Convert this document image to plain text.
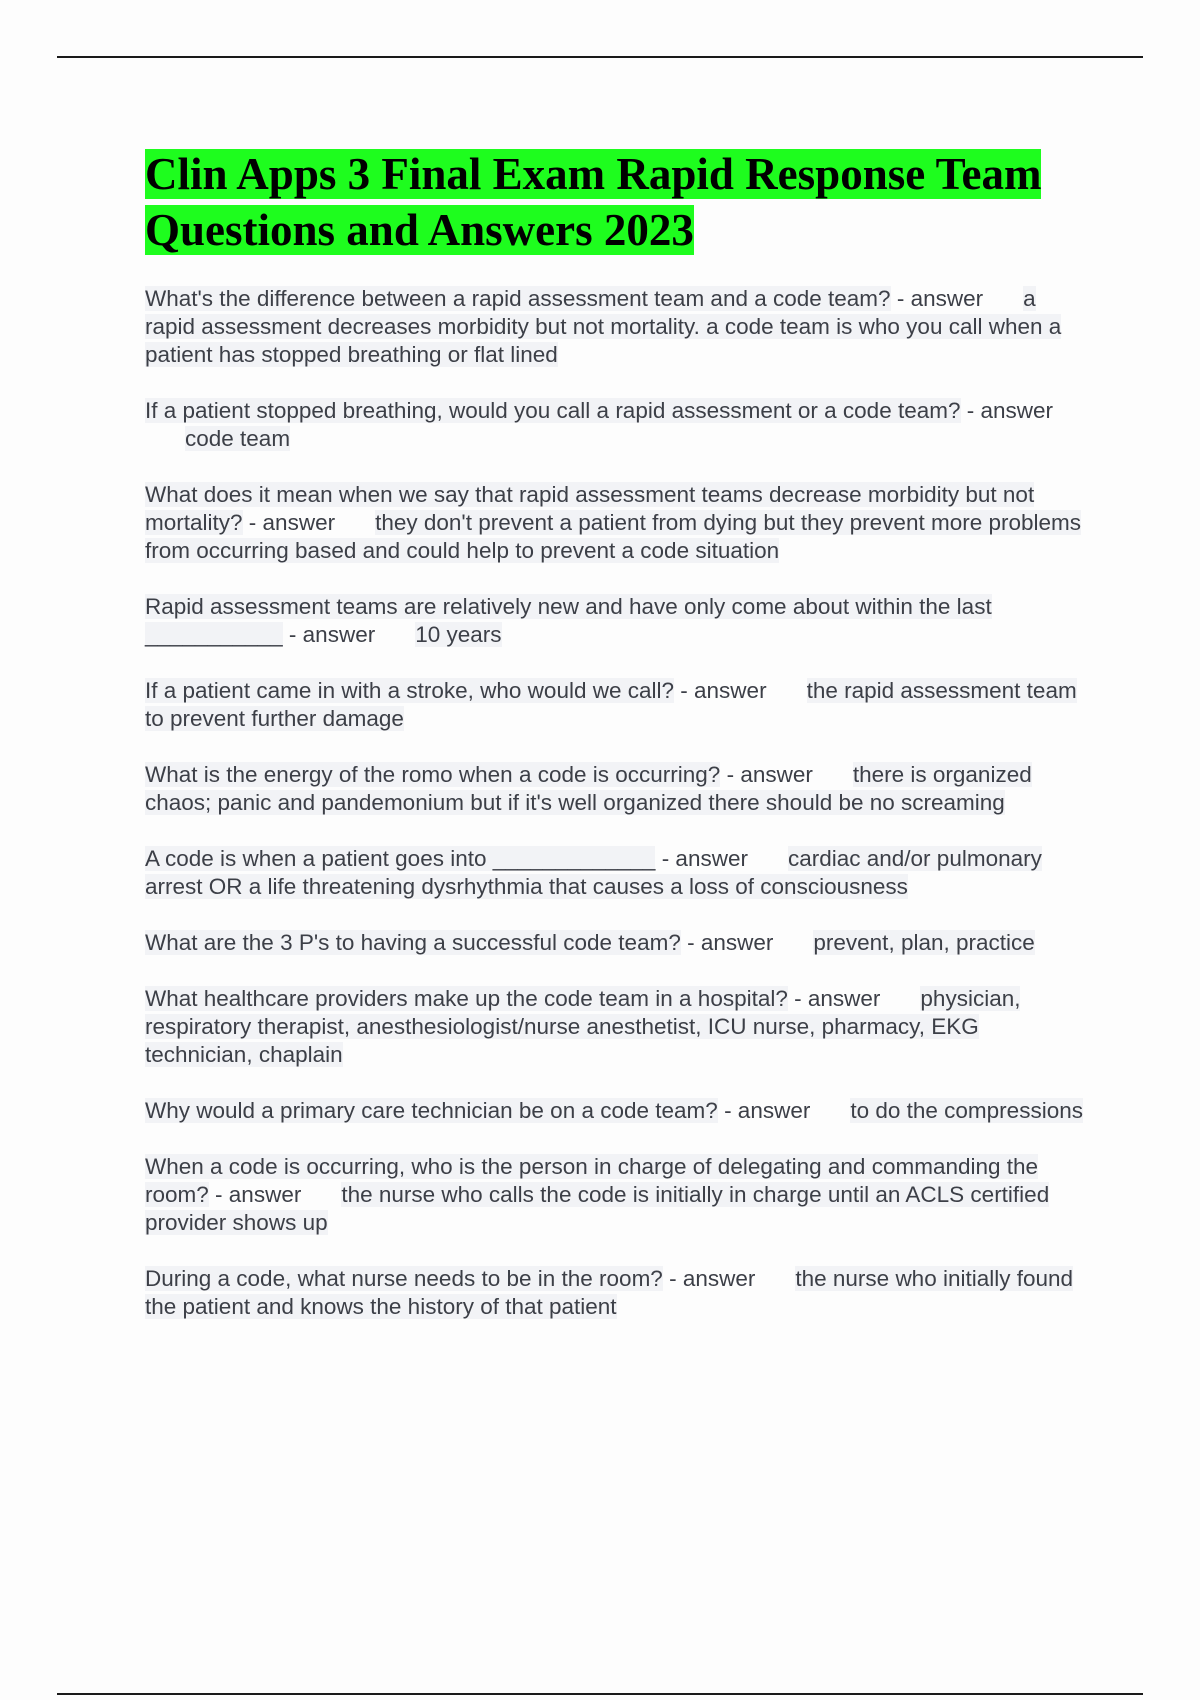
Clin Apps 3 Final Exam Rapid Response Team Questions and Answers 2023

What's the difference between a rapid assessment team and a code team? - answer a rapid assessment decreases morbidity but not mortality. a code team is who you call when a patient has stopped breathing or flat lined

If a patient stopped breathing, would you call a rapid assessment or a code team? - answercode team

What does it mean when we say that rapid assessment teams decrease morbidity but not mortality? - answer they don't prevent a patient from dying but they prevent more problems from occurring based and could help to prevent a code situation

Rapid assessment teams are relatively new and have only come about within the last ___________ - answer 10 years

If a patient came in with a stroke, who would we call? - answer the rapid assessment team to prevent further damage

What is the energy of the romo when a code is occurring? - answer there is organized chaos; panic and pandemonium but if it's well organized there should be no screaming

A code is when a patient goes into _____________ - answer cardiac and/or pulmonary arrest OR a life threatening dysrhythmia that causes a loss of consciousness

What are the 3 P's to having a successful code team? - answer prevent, plan, practice

What healthcare providers make up the code team in a hospital? - answer physician, respiratory therapist, anesthesiologist/nurse anesthetist, ICU nurse, pharmacy, EKG technician, chaplain

Why would a primary care technician be on a code team? - answer to do the compressions

When a code is occurring, who is the person in charge of delegating and commanding the room? - answer the nurse who calls the code is initially in charge until an ACLS certified provider shows up

During a code, what nurse needs to be in the room? - answer the nurse who initially found the patient and knows the history of that patient
